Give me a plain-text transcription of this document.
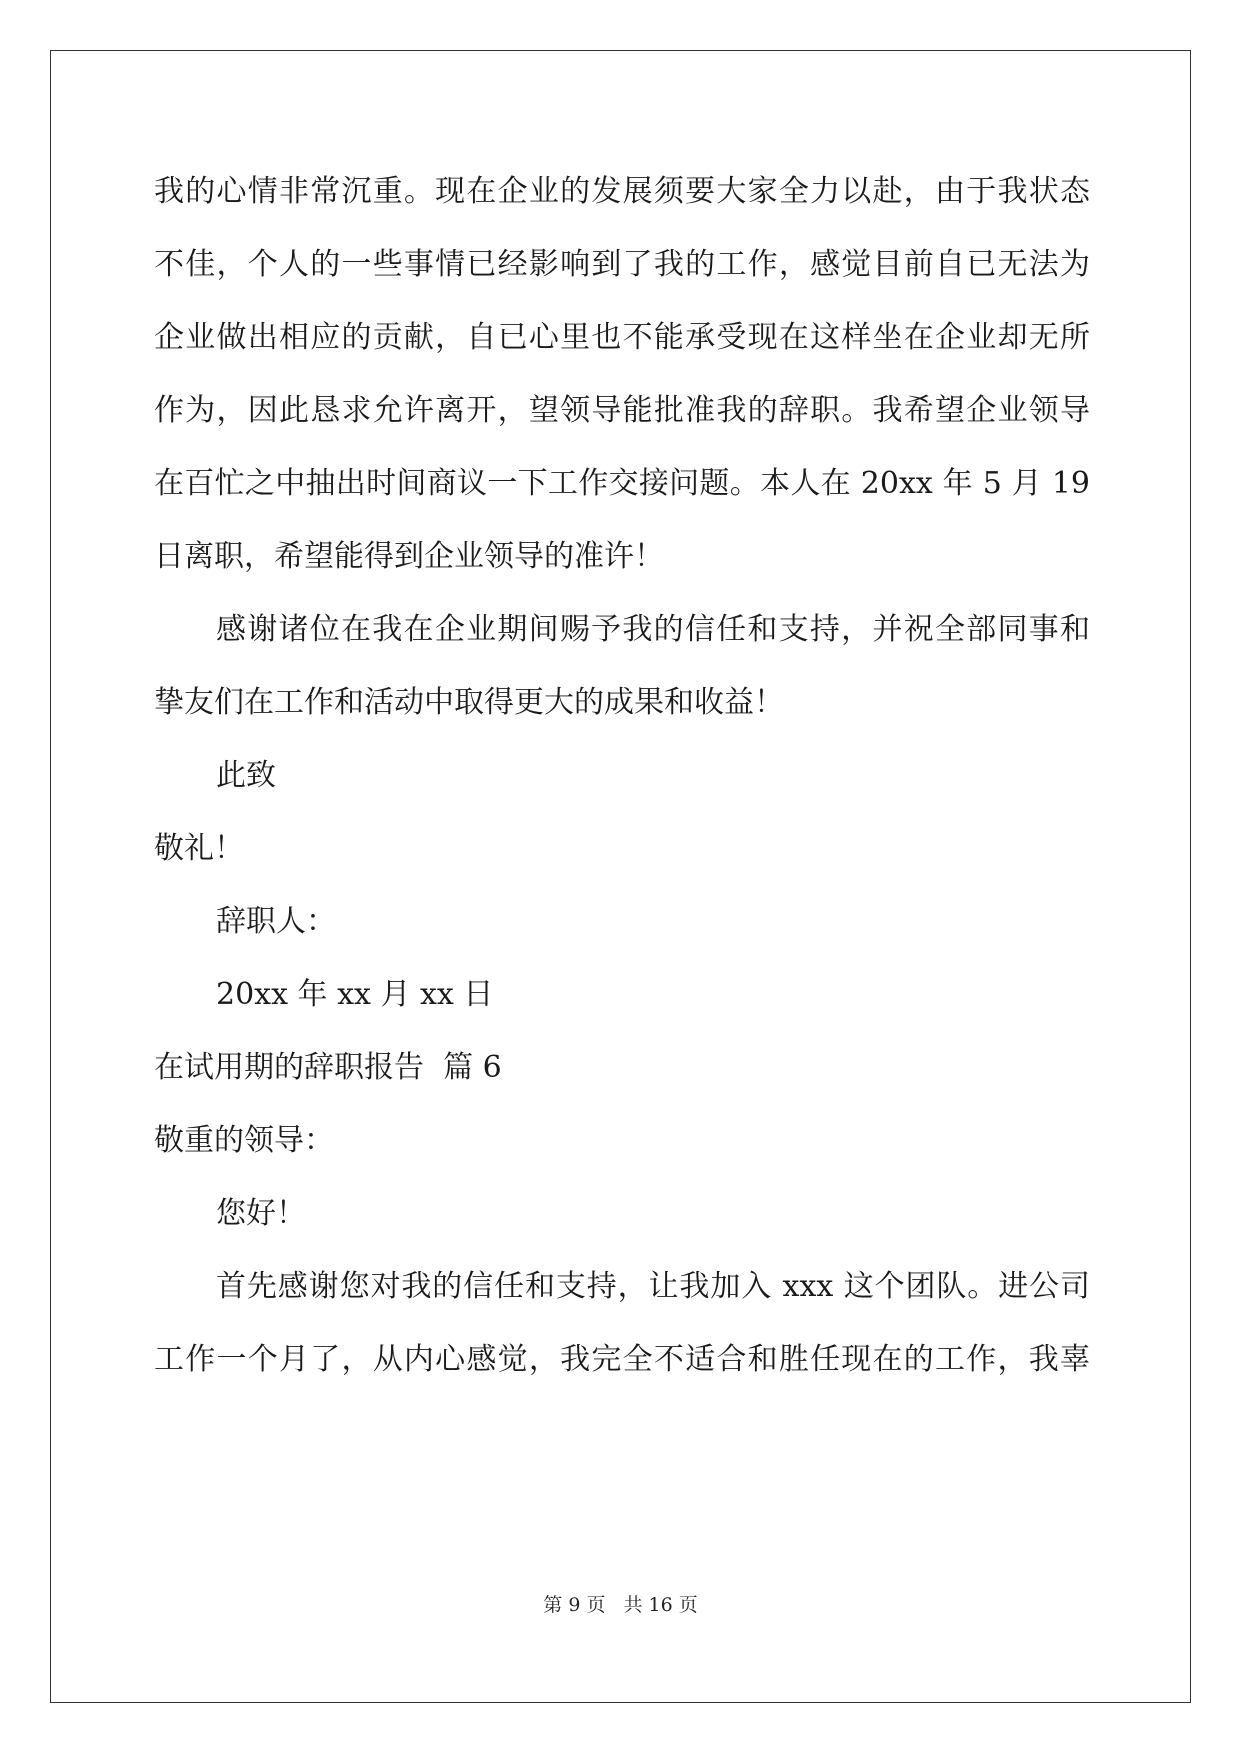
我的心情非常沉重。现在企业的发展须要大家全力以赴，由于我状态
不佳，个人的一些事情已经影响到了我的工作，感觉目前自已无法为
企业做出相应的贡献，自已心里也不能承受现在这样坐在企业却无所
作为，因此恳求允许离开，望领导能批准我的辞职。我希望企业领导
在百忙之中抽出时间商议一下工作交接问题。本人在 20xx 年 5 月 19
日离职，希望能得到企业领导的准许！
感谢诸位在我在企业期间赐予我的信任和支持，并祝全部同事和
挚友们在工作和活动中取得更大的成果和收益！
此致
敬礼！
辞职人：
20xx 年 xx 月 xx 日
在试用期的辞职报告  篇 6
敬重的领导：
您好！
首先感谢您对我的信任和支持，让我加入 xxx 这个团队。进公司
工作一个月了，从内心感觉，我完全不适合和胜任现在的工作，我辜
第 9 页 共 16 页
